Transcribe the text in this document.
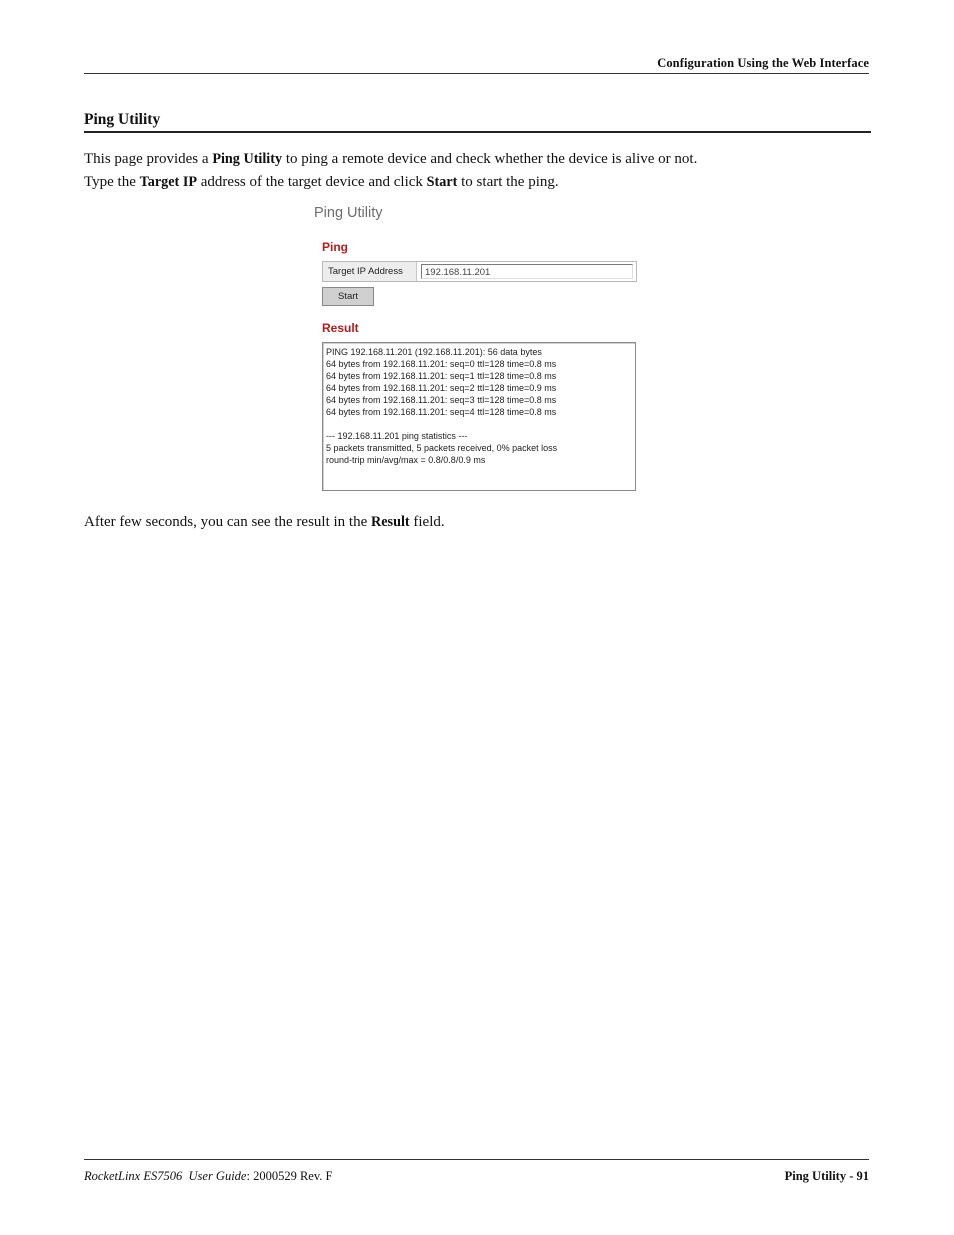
Configuration Using the Web Interface
Ping Utility
This page provides a Ping Utility to ping a remote device and check whether the device is alive or not.
Type the Target IP address of the target device and click Start to start the ping.
Ping Utility
Ping
Target IP Address	192.168.11.201
Start
Result
PING 192.168.11.201 (192.168.11.201): 56 data bytes
64 bytes from 192.168.11.201: seq=0 ttl=128 time=0.8 ms
64 bytes from 192.168.11.201: seq=1 ttl=128 time=0.8 ms
64 bytes from 192.168.11.201: seq=2 ttl=128 time=0.9 ms
64 bytes from 192.168.11.201: seq=3 ttl=128 time=0.8 ms
64 bytes from 192.168.11.201: seq=4 ttl=128 time=0.8 ms
--- 192.168.11.201 ping statistics ---
5 packets transmitted, 5 packets received, 0% packet loss
round-trip min/avg/max = 0.8/0.8/0.9 ms
After few seconds, you can see the result in the Result field.
RocketLinx ES7506 User Guide: 2000529 Rev. F	Ping Utility - 91
